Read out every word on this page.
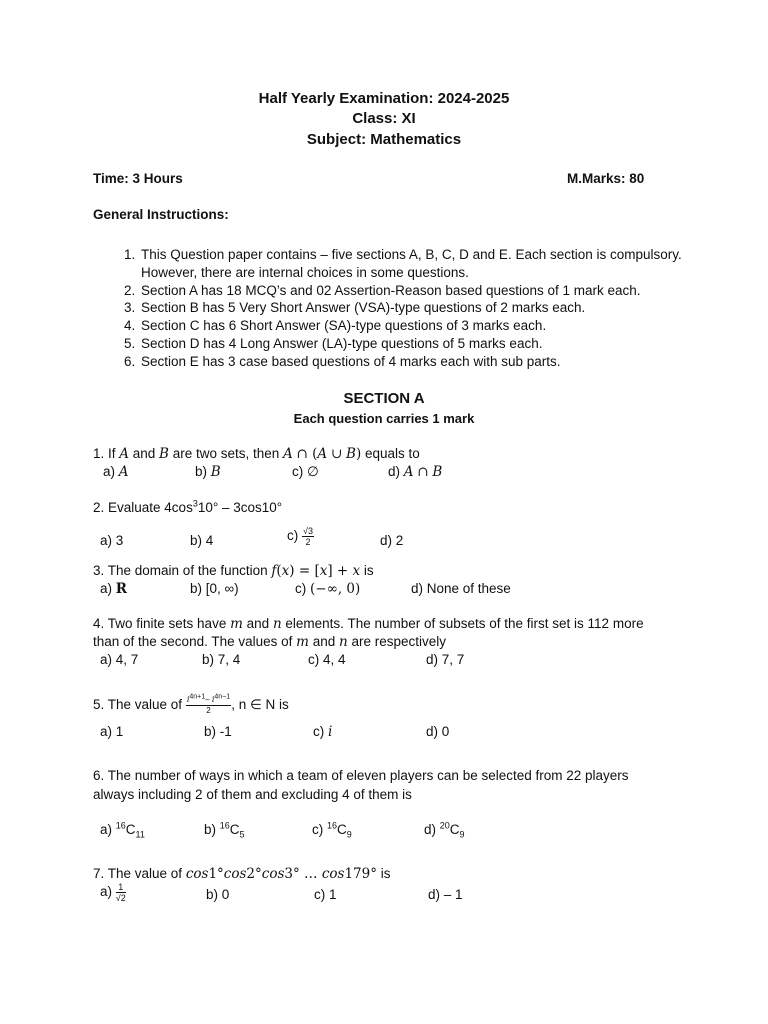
Half Yearly Examination: 2024-2025
Class: XI
Subject: Mathematics
Time: 3 Hours	M.Marks: 80
General Instructions:
1. This Question paper contains – five sections A, B, C, D and E. Each section is compulsory. However, there are internal choices in some questions.
2. Section A has 18 MCQ’s and 02 Assertion-Reason based questions of 1 mark each.
3. Section B has 5 Very Short Answer (VSA)-type questions of 2 marks each.
4. Section C has 6 Short Answer (SA)-type questions of 3 marks each.
5. Section D has 4 Long Answer (LA)-type questions of 5 marks each.
6. Section E has 3 case based questions of 4 marks each with sub parts.
SECTION A
Each question carries 1 mark
1. If A and B are two sets, then A ∩ (A ∪ B) equals to
a) A	b) B	c) ∅	d) A ∩ B
2. Evaluate $4\cos^310^\circ - 3\cos 10^\circ$
a) 3	b) 4	$c) \frac{√3}{2}$	d) 2
3. The domain of the function f(x) = [x] + x is
a) R	b) [0, ∞)	c) (−∞, 0)	d) None of these
4. Two finite sets have m and n elements. The number of subsets of the first set is 112 more
than of the second. The values of m and n are respectively
a) 4, 7	b) 7, 4	c) 4, 4	d) 7, 7
5. The value of $\frac{i^{4n+1}- i^{4n-1}}{2}$ , n ∈ N is
a) 1	b) -1	c) i	d) 0
6. The number of ways in which a team of eleven players can be selected from 22 players
always including 2 of them and excluding 4 of them is
a) $^{16}C_{11}$	b) $^{16}C_5$	c) $^{16}C_9$	d) $^{20}C_9$
7. The value of cos1°cos2°cos3° … cos179° is
$a) \frac{1}{√2}$	b) 0	c) 1	d) – 1
